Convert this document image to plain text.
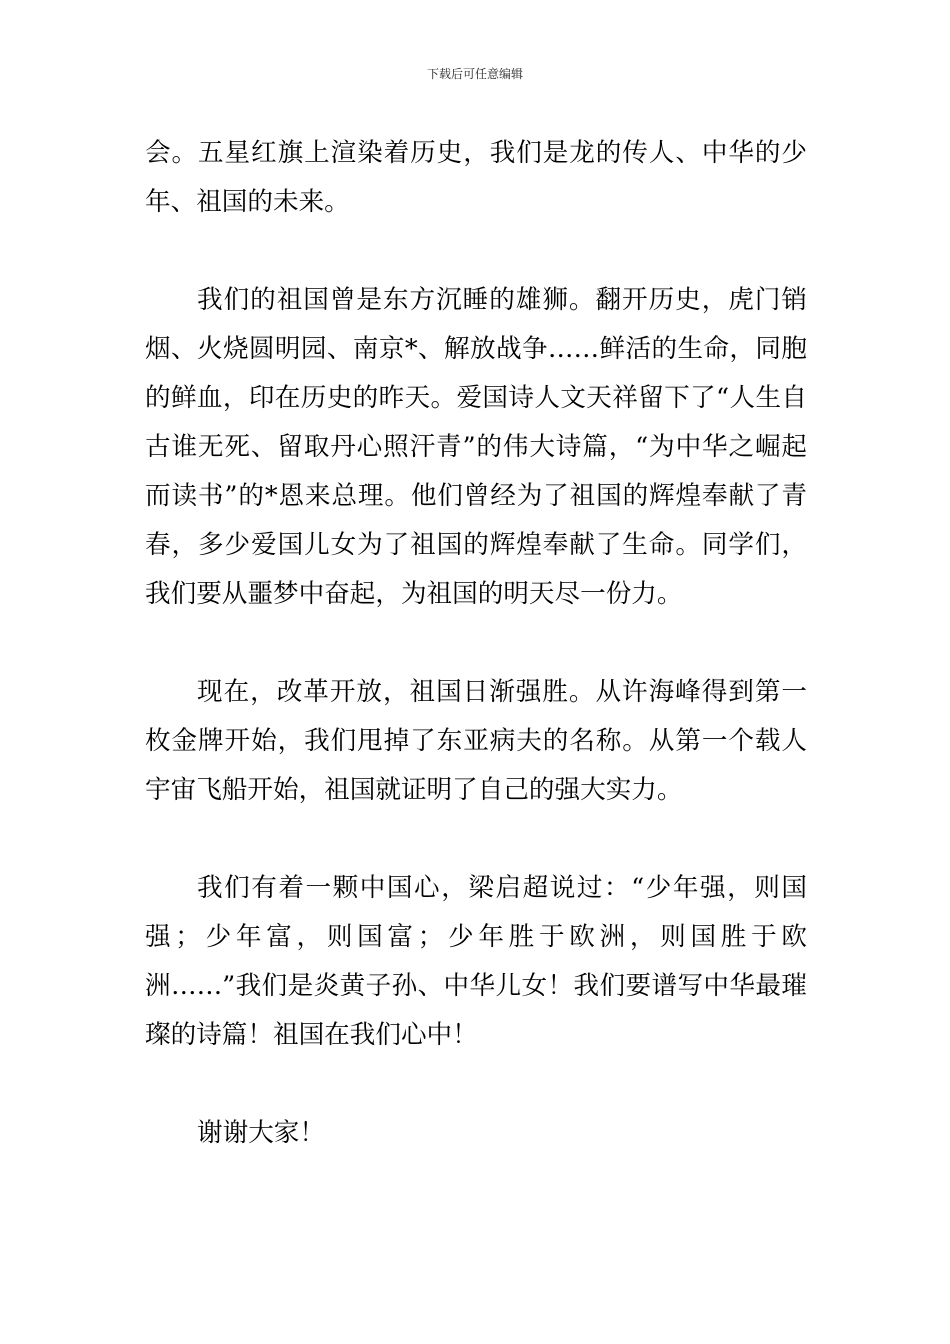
下载后可任意编辑

会。五星红旗上渲染着历史，我们是龙的传人、中华的少年、祖国的未来。

我们的祖国曾是东方沉睡的雄狮。翻开历史，虎门销烟、火烧圆明园、南京*、解放战争……鲜活的生命，同胞的鲜血，印在历史的昨天。爱国诗人文天祥留下了“人生自古谁无死、留取丹心照汗青”的伟大诗篇，“为中华之崛起而读书”的*恩来总理。他们曾经为了祖国的辉煌奉献了青春，多少爱国儿女为了祖国的辉煌奉献了生命。同学们，我们要从噩梦中奋起，为祖国的明天尽一份力。

现在，改革开放，祖国日渐强胜。从许海峰得到第一枚金牌开始，我们甩掉了东亚病夫的名称。从第一个载人宇宙飞船开始，祖国就证明了自己的强大实力。

我们有着一颗中国心，梁启超说过：“少年强，则国强；少年富，则国富；少年胜于欧洲，则国胜于欧洲……”我们是炎黄子孙、中华儿女！我们要谱写中华最璀璨的诗篇！祖国在我们心中！

谢谢大家！
